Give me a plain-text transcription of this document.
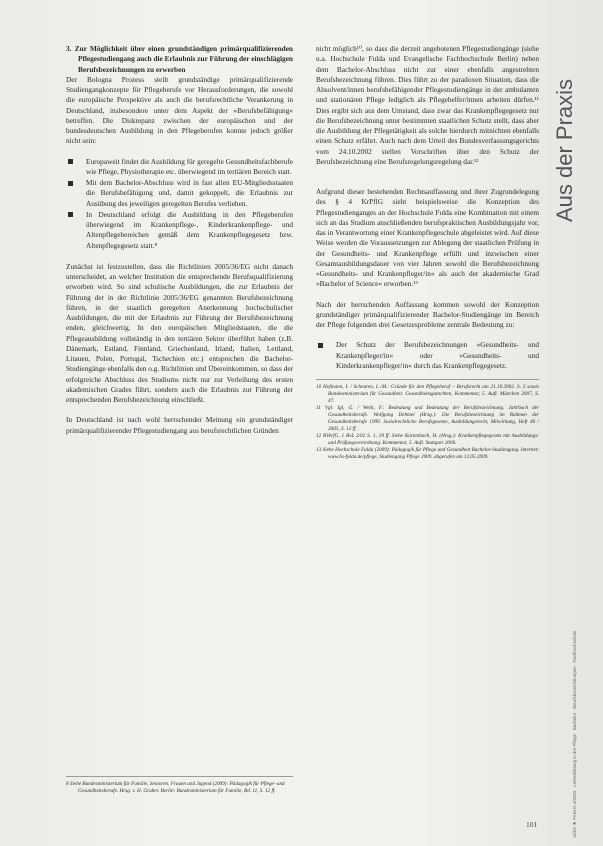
Aus der Praxis
11/09 ■ PADUA 4/2009 · Lehrerbildung in der Pflege · Bachelor · Berufsbezeichnungen · Fachhochschule

3. Zur Möglichkeit über einen grundständigen primärqualifizierenden Pflegestudiengang auch die Erlaubnis zur Führung der einschlägigen Berufsbezeichnungen zu erwerben

Der Bologna Prozess stellt grundständige primärqualifizierende Studiengangkonzepte für Pflegeberufe vor Herausforderungen, die sowohl die europäische Perspektive als auch die berufsrechtliche Verankerung in Deutschland, insbesondere unter dem Aspekt der »Berufsbefähigung« betreffen. Die Diskrepanz zwischen der europäischen und der bundesdeutschen Ausbildung in den Pflegeberufen konnte jedoch größer nicht sein:

Europaweit findet die Ausbildung für geregelte Gesundheitsfachberufe wie Pflege, Physiotherapie etc. überwiegend im tertiären Bereich statt.
Mit dem Bachelor-Abschluss wird in fast allen EU-Mitgliedsstaaten die Berufsbefähigung und, damit gekoppelt, die Erlaubnis zur Ausübung des jeweiligen geregelten Berufes verliehen.
In Deutschland erfolgt die Ausbildung in den Pflegeberufen überwiegend im Krankenpflege-, Kinderkrankenpflege- und Altenpflegebereichen gemäß dem Krankenpflegegesetz bzw. Altenpflegegesetz statt.⁸

Zunächst ist festzustellen, dass die Richtlinien 2005/36/EG nicht danach unterscheidet, an welcher Institution die entsprechende Berufsqualifizierung erworben wird. So sind schulische Ausbildungen, die zur Erlaubnis der Führung der in der Richtlinie 2005/36/EG genannten Berufsbezeichnung führen, in der staatlich geregelten Anerkennung hochschulischer Ausbildungen, die mit der Erlaubnis zur Führung der Berufsbezeichnung enden, gleichwertig. In den europäischen Mitgliedstaaten, die die Pflegeausbildung vollständig in den tertiären Sektor überführt haben (z.B. Dänemark, Estland, Finnland, Griechenland, Irland, Italien, Lettland, Litauen, Polen, Portugal, Tschechien etc.) entsprechen die Bachelor-Studiengänge ebenfalls den o.g. Richtlinien und Übereinkommen, so dass der erfolgreiche Abschluss des Studiums nicht nur zur Verleihung des ersten akademischen Grades führt, sondern auch die Erlaubnis zur Führung der entsprechenden Berufsbezeichnung einschließt.

In Deutschland ist nach wohl herrschender Meinung ein grundständiger primärqualifizierender Pflegestudiengang aus berufsrechtlichen Gründen

8 Siehe Bundesministerium für Familie, Senioren, Frauen und Jugend (2009): Pädagogik für Pflege- und Gesundheitsberufe. Hrsg. v. H. Gruber. Berlin: Bundesministerium für Familie, Bd. 11, S. 12 ff.

nicht möglich¹⁰, so dass die derzeit angebotenen Pflegestudiengänge (siehe u.a. Hochschule Fulda und Evangelische Fachhochschule Berlin) neben dem Bachelor-Abschluss nicht zur einer ebenfalls angestrebten Berufsbezeichnung führen. Dies führt zu der paradoxen Situation, dass die Absolvent/innen berufsbefähigender Pflegestudiengänge in der ambulanten und stationären Pflege lediglich als Pflegehelfer/innen arbeiten dürfen.¹¹ Dies ergibt sich aus dem Umstand, dass zwar das Krankenpflegegesetz nur die Berufsbezeichnung unter bestimmten staatlichen Schutz stellt, dass aber die Ausbildung der Pflegetätigkeit als solche hierdurch mitnichten ebenfalls einen Schutz erfährt. Auch nach dem Urteil des Bundesverfassungsgerichts vom 24.10.2002 stellen Vorschriften über den Schutz der Berufsbezeichnung eine Berufsregelungsregelung dar.¹²

Aufgrund dieser bestehenden Rechtsauffassung und ihrer Zugrundelegung des § 4 KrPflG sieht beispielsweise die Konzeption des Pflegestudienganges an der Hochschule Fulda eine Kombination mit einem sich an das Studium anschließenden berufspraktischen Ausbildungsjahr vor, das in Verantwortung einer Krankenpflegeschule abgeleistet wird. Auf diese Weise werden die Voraussetzungen zur Ablegung der staatlichen Prüfung in der Gesundheits- und Krankenpflege erfüllt und inzwischen einer Gesamtausbildungsdauer von vier Jahren sowohl die Berufsbezeichnung »Gesundheits- und Krankenpfleger/in« als auch der akademische Grad »Bachelor of Science« erworben.¹³

Nach der herrschenden Auffassung kommen sowohl der Konzeption grundständiger primärqualifizierender Bachelor-Studiengänge im Bereich der Pflege folgenden drei Gesetzesprobleme zentrale Bedeutung zu:

Der Schutz der Berufsbezeichnungen »Gesundheits- und Krankenpfleger/in« oder »Gesundheits- und Kinderkrankenpfleger/in« durch das Krankenpflegegesetz.

10 Hofmann, I. / Scheuren, L.-M.: Gründe für den Pflegeberuf – Berufsrecht am 21.10.2002. S. 2 sowie Bundesministerium für Gesundheit. Gesundheitsgutachten, Kommentar, 5. Aufl. München 2007, S. 47.

11 Vgl. Igl, G. / Welti, F.: Bedeutung und Bedeutung der Berufsbezeichnung. Jahrbuch der Gesundheitsberufe. Wolfgang Dehmel (Hrsg.): Die Berufsbezeichnung im Rahmen der Gesundheitsberufe 1999. Sozialrechtliche Berufsgesetze, Ausbildungsrecht, Mitwirkung, Heft 46 / 2003, S. 12 ff.

12 BVerfG, 1 BvL 2/02 S. 1, 18 ff. Siehe Kurtenbach, H. (Hrsg.): Krankenpflegegesetz mit Ausbildungs- und Prüfungsverordnung. Kommentar, 5. Aufl. Stuttgart 2006.

13 Siehe Hochschule Fulda (2009): Pädagogik für Pflege und Gesundheit Bachelor-Studiengang. Internet: www.hs-fulda.de/pflege, Studiengang Pflege 2009, abgerufen am 12.05.2009.

101
